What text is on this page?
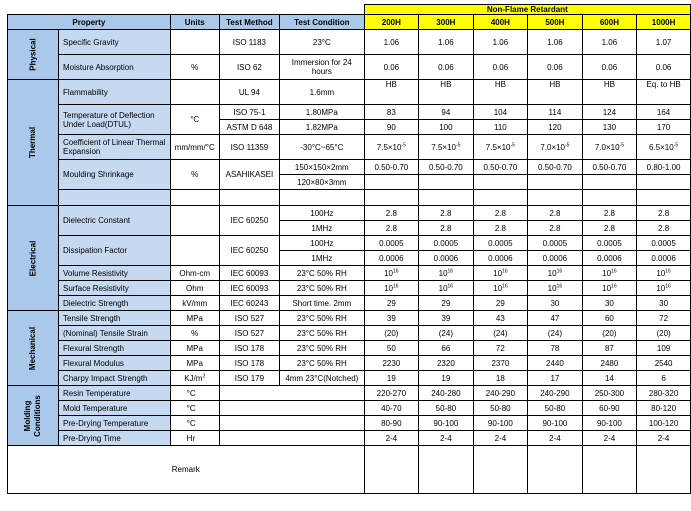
					Non-Flame Retardant					
Property		Units	Test Method	Test Condition	200H	300H	400H	500H	600H	1000H
Physical	Specific Gravity		ISO 1183	23°C	1.06	1.06	1.06	1.06	1.06	1.07
	Moisture Absorption	%	ISO 62	Immersion for 24 hours	0.06	0.06	0.06	0.06	0.06	0.06
Thermal	Flammability		UL 94	1.6mm	HB	HB	HB	HB	HB	Eq. to HB
	Temperature of Deflection Under Load(DTUL)	°C	ISO 75-1	1.80MPa	83	94	104	114	124	164
			ASTM D 648	1.82MPa	90	100	110	120	130	170
	Coefficient of Linear Thermal Expansion	mm/mm/°C	ISO 11359	-30°C~65°C	$7.5\times 10^{-5}$	$7.5\times 10^{-5}$	$7.5\times 10^{-5}$	$7.0\times 10^{-5}$	$7.0\times 10^{-5}$	$6.5\times 10^{-5}$
	Moulding Shrinkage	%	ASAHIKASEI	150×150×2mm	0.50-0.70	0.50-0.70	0.50-0.70	0.50-0.70	0.50-0.70	0.80-1.00
				120×80×3mm						

Electrical	Dielectric Constant		IEC 60250	100Hz	2.8	2.8	2.8	2.8	2.8	2.8
				1MHz	2.8	2.8	2.8	2.8	2.8	2.8
	Dissipation Factor		IEC 60250	100Hz	0.0005	0.0005	0.0005	0.0005	0.0005	0.0005
				1MHz	0.0006	0.0006	0.0006	0.0006	0.0006	0.0006
	Volume Resistivity	Ohm-cm	IEC 60093	23°C 50% RH	$10^{16}$	$10^{16}$	$10^{16}$	$10^{16}$	$10^{16}$	$10^{16}$
	Surface Resistivity	Ohm	IEC 60093	23°C 50% RH	$10^{16}$	$10^{16}$	$10^{16}$	$10^{16}$	$10^{16}$	$10^{16}$
	Dielectric Strength	kV/mm	IEC 60243	Short time. 2mm	29	29	29	30	30	30
Mechanical	Tensile Strength	MPa	ISO 527	23°C 50% RH	39	39	43	47	60	72
	(Nominal) Tensile Strain	%	ISO 527	23°C 50% RH	(20)	(24)	(24)	(24)	(20)	(20)
	Flexural Strength	MPa	ISO 178	23°C 50% RH	50	66	72	78	87	109
	Flexural Modulus	MPa	ISO 178	23°C 50% RH	2230	2320	2370	2440	2480	2540
	Charpy Impact Strength	$KJ/m^2$	ISO 179	4mm 23°C(Notched)	19	19	18	17	14	6
Molding Conditions	Resin Temperature	°C			220-270	240-280	240-290	240-290	250-300	280-320
	Mold Temperature	°C			40-70	50-80	50-80	50-80	60-90	80-120
	Pre-Drying Temperature	°C			80-90	90-100	90-100	90-100	90-100	100-120
	Pre-Drying Time	Hr			2-4	2-4	2-4	2-4	2-4	2-4
Remark										
